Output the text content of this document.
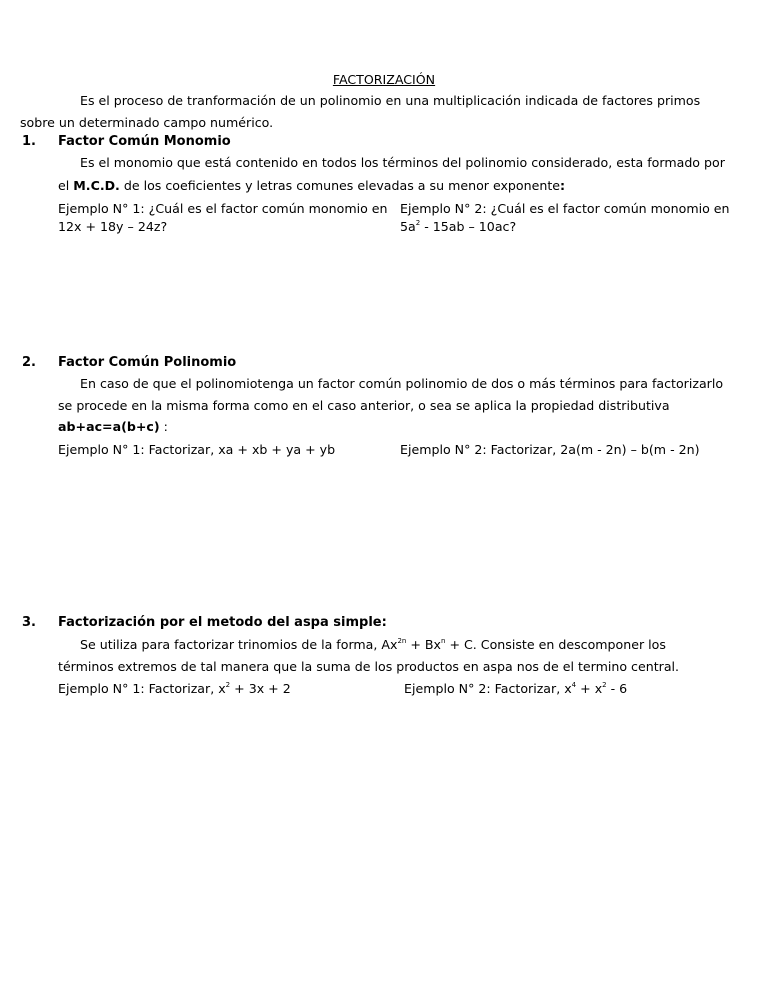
FACTORIZACIÓN
Es el proceso de tranformación de un polinomio en una multiplicación indicada de factores primos
sobre un determinado campo numérico.
1. Factor Común Monomio
Es el monomio que está contenido en todos los términos del polinomio considerado, esta formado por
el M.C.D. de los coeficientes y letras comunes elevadas a su menor exponente:
Ejemplo N° 1: ¿Cuál es el factor común monomio en
12x + 18y – 24z?
Ejemplo N° 2: ¿Cuál es el factor común monomio en
$5a^2 - 15ab - 10ac$?
2. Factor Común Polinomio
En caso de que el polinomiotenga un factor común polinomio de dos o más términos para factorizarlo
se procede en la misma forma como en el caso anterior, o sea se aplica la propiedad distributiva
ab+ac=a(b+c) :
Ejemplo N° 1: Factorizar, xa + xb + ya + yb	Ejemplo N° 2: Factorizar, 2a(m - 2n) – b(m - 2n)
3. Factorización por el metodo del aspa simple:
Se utiliza para factorizar trinomios de la forma, $Ax^{2n} + Bx^n + C$. Consiste en descomponer los
términos extremos de tal manera que la suma de los productos en aspa nos de el termino central.
Ejemplo N° 1: Factorizar, $x^2 + 3x + 2$	Ejemplo N° 2: Factorizar, $x^4 + x^2 - 6$
